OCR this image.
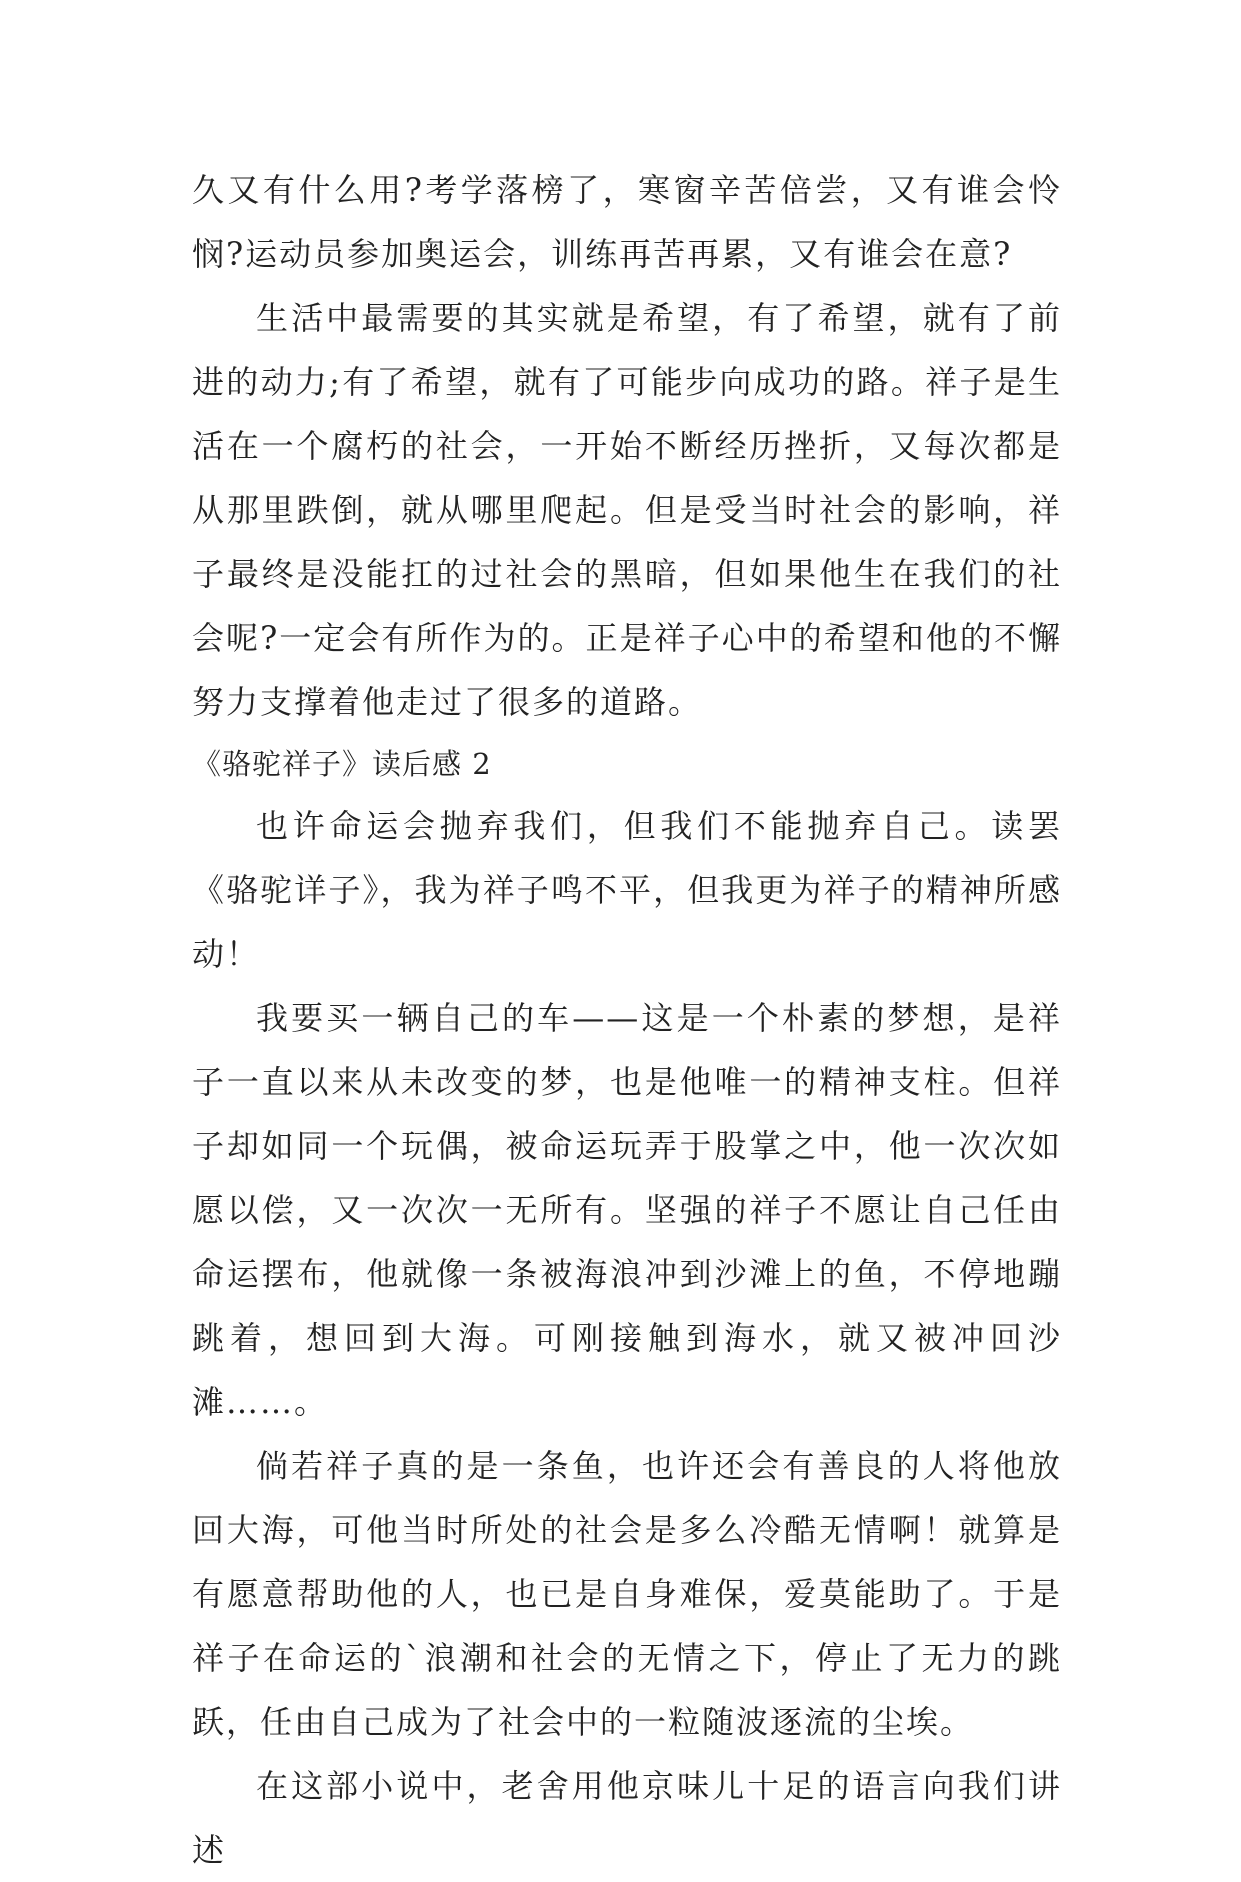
久又有什么用?考学落榜了，寒窗辛苦倍尝，又有谁会怜悯?运动员参加奥运会，训练再苦再累，又有谁会在意?

生活中最需要的其实就是希望，有了希望，就有了前进的动力;有了希望，就有了可能步向成功的路。祥子是生活在一个腐朽的社会，一开始不断经历挫折，又每次都是从那里跌倒，就从哪里爬起。但是受当时社会的影响，祥子最终是没能扛的过社会的黑暗，但如果他生在我们的社会呢?一定会有所作为的。正是祥子心中的希望和他的不懈努力支撑着他走过了很多的道路。

《骆驼祥子》读后感 2

也许命运会抛弃我们，但我们不能抛弃自己。读罢《骆驼详子》，我为祥子鸣不平，但我更为祥子的精神所感动！

我要买一辆自己的车——这是一个朴素的梦想，是祥子一直以来从未改变的梦，也是他唯一的精神支柱。但祥子却如同一个玩偶，被命运玩弄于股掌之中，他一次次如愿以偿，又一次次一无所有。坚强的祥子不愿让自己任由命运摆布，他就像一条被海浪冲到沙滩上的鱼，不停地蹦跳着，想回到大海。可刚接触到海水，就又被冲回沙滩……。

倘若祥子真的是一条鱼，也许还会有善良的人将他放回大海，可他当时所处的社会是多么冷酷无情啊！就算是有愿意帮助他的人，也已是自身难保，爱莫能助了。于是祥子在命运的`浪潮和社会的无情之下，停止了无力的跳跃，任由自己成为了社会中的一粒随波逐流的尘埃。

在这部小说中，老舍用他京味儿十足的语言向我们讲述
